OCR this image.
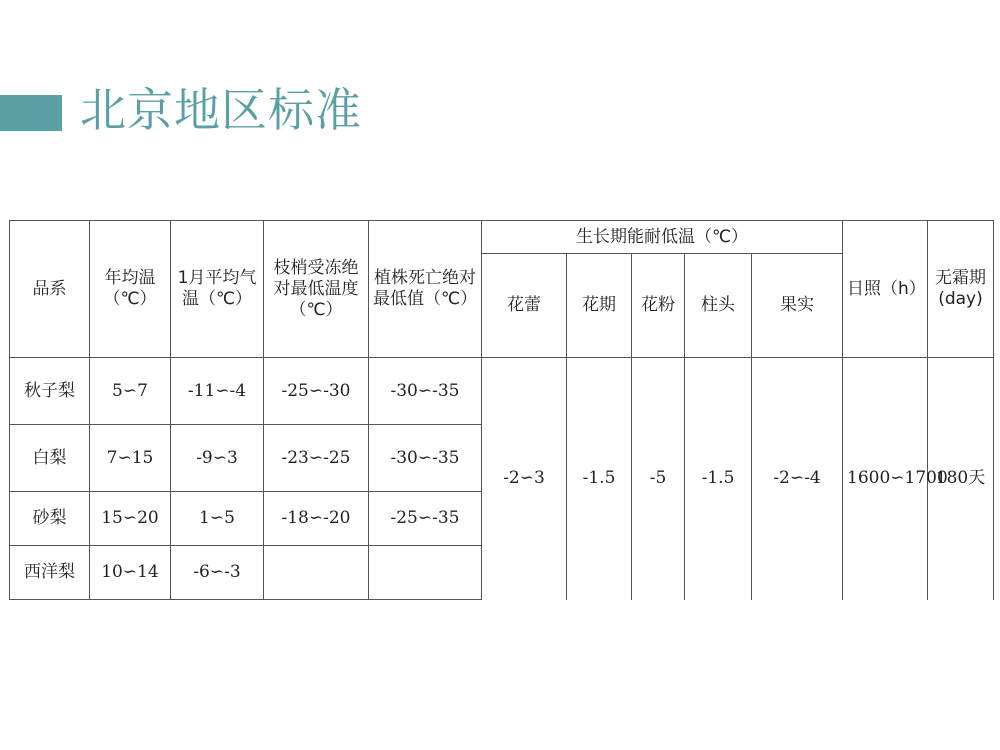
北京地区标准
品系	年均温（℃）	1月平均气温（℃）	枝梢受冻绝对最低温度（℃）	植株死亡绝对最低值（℃）	生长期能耐低温（℃）					日照（h）	无霜期(day)
					花蕾	花期	花粉	柱头	果实		
秋子梨	5∽7	-11∽-4	-25∽-30	-30∽-35	-2∽3	-1.5	-5	-1.5	-2∽-4	1600∽1700	180天
白梨	7∽15	-9∽3	-23∽-25	-30∽-35							
砂梨	15∽20	1∽5	-18∽-20	-25∽-35							
西洋梨	10∽14	-6∽-3									
